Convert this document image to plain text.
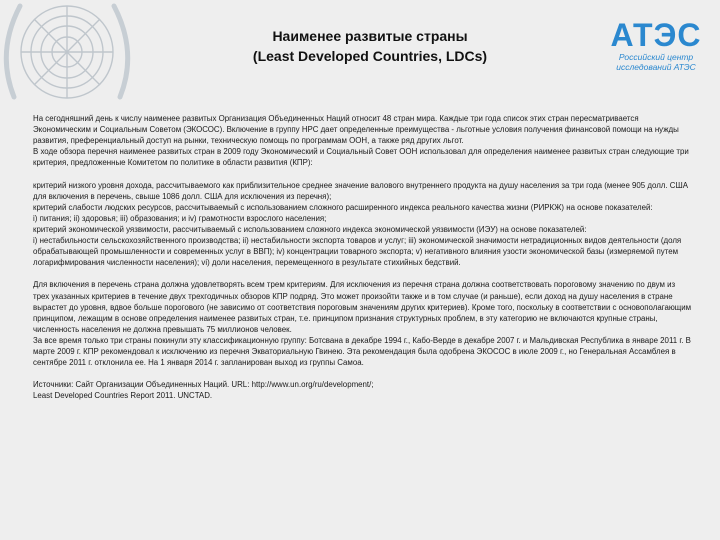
Наименее развитые страны
(Least Developed Countries, LDCs)
АТЭС
Российский центр
исследований АТЭС

На сегодняшний день к числу наименее развитых Организация Объединенных Наций относит 48 стран мира. Каждые три года список этих стран пересматривается Экономическим и Социальным Советом (ЭКОСОС). Включение в группу НРС дает определенные преимущества - льготные условия получения финансовой помощи на нужды развития, преференциальный доступ на рынки, техническую помощь по программам ООН, а также ряд других льгот.

В ходе обзора перечня наименее развитых стран в 2009 году Экономический и Социальный Совет ООН использовал для определения наименее развитых стран следующие три критерия, предложенные Комитетом по политике в области развития (КПР):

критерий низкого уровня дохода, рассчитываемого как приблизительное среднее значение валового внутреннего продукта на душу населения за три года (менее 905 долл. США для включения в перечень, свыше 1086 долл. США для исключения из перечня);

критерий слабости людских ресурсов, рассчитываемый с использованием сложного расширенного индекса реального качества жизни (РИРКЖ) на основе показателей:

i) питания; ii) здоровья; iii) образования; и iv) грамотности взрослого населения;

критерий экономической уязвимости, рассчитываемый с использованием сложного индекса экономической уязвимости (ИЭУ) на основе показателей:

i) нестабильности сельскохозяйственного производства; ii) нестабильности экспорта товаров и услуг; iii) экономической значимости нетрадиционных видов деятельности (доля обрабатывающей промышленности и современных услуг в ВВП); iv) концентрации товарного экспорта; v) негативного влияния узости экономической базы (измеряемой путем логарифмирования численности населения); vi) доли населения, перемещенного в результате стихийных бедствий.

Для включения в перечень страна должна удовлетворять всем трем критериям. Для исключения из перечня страна должна соответствовать пороговому значению по двум из трех указанных критериев в течение двух трехгодичных обзоров КПР подряд. Это может произойти также и в том случае (и раньше), если доход на душу населения в стране вырастет до уровня, вдвое больше порогового (не зависимо от соответствия пороговым значениям других критериев). Кроме того, поскольку в соответствии с основополагающим принципом, лежащим в основе определения наименее развитых стран, т.е. принципом признания структурных проблем, в эту категорию не включаются крупные страны, численность населения не должна превышать 75 миллионов человек.

За все время только три страны покинули эту классификационную группу: Ботсвана в декабре 1994 г., Кабо-Верде в декабре 2007 г. и Мальдивская Республика в январе 2011 г. В марте 2009 г. КПР рекомендовал к исключению из перечня Экваториальную Гвинею. Эта рекомендация была одобрена ЭКОСОС в июле 2009 г., но Генеральная Ассамблея в сентябре 2011 г. отклонила ее. На 1 января 2014 г. запланирован выход из группы Самоа.

Источники: Сайт Организации Объединенных Наций. URL: http://www.un.org/ru/development/;

Least Developed Countries Report 2011. UNCTAD.
